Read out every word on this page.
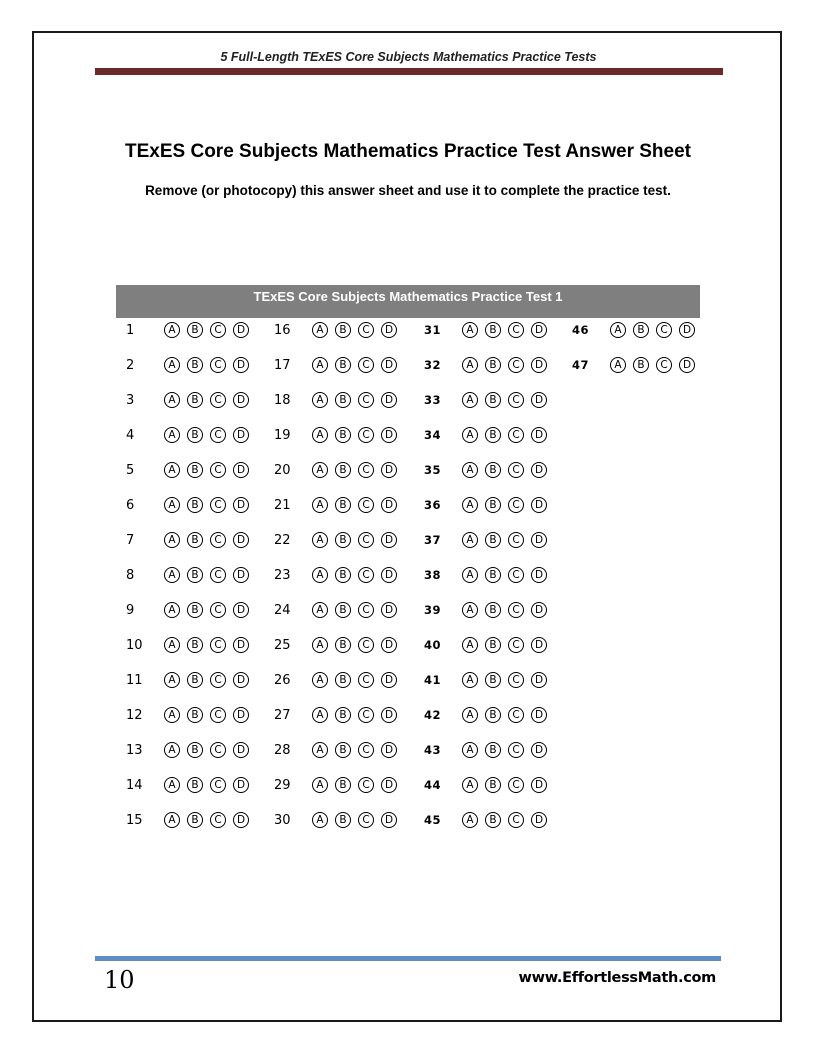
5 Full-Length TExES Core Subjects Mathematics Practice Tests
TExES Core Subjects Mathematics Practice Test Answer Sheet
Remove (or photocopy) this answer sheet and use it to complete the practice test.
TExES Core Subjects Mathematics Practice Test 1
1	A	B	C	D
2	A	B	C	D
3	A	B	C	D
4	A	B	C	D
5	A	B	C	D
6	A	B	C	D
7	A	B	C	D
8	A	B	C	D
9	A	B	C	D
10	A	B	C	D
11	A	B	C	D
12	A	B	C	D
13	A	B	C	D
14	A	B	C	D
15	A	B	C	D
16	A	B	C	D
17	A	B	C	D
18	A	B	C	D
19	A	B	C	D
20	A	B	C	D
21	A	B	C	D
22	A	B	C	D
23	A	B	C	D
24	A	B	C	D
25	A	B	C	D
26	A	B	C	D
27	A	B	C	D
28	A	B	C	D
29	A	B	C	D
30	A	B	C	D
31	A	B	C	D
32	A	B	C	D
33	A	B	C	D
34	A	B	C	D
35	A	B	C	D
36	A	B	C	D
37	A	B	C	D
38	A	B	C	D
39	A	B	C	D
40	A	B	C	D
41	A	B	C	D
42	A	B	C	D
43	A	B	C	D
44	A	B	C	D
45	A	B	C	D
46	A	B	C	D
47	A	B	C	D
10	www.EffortlessMath.com
